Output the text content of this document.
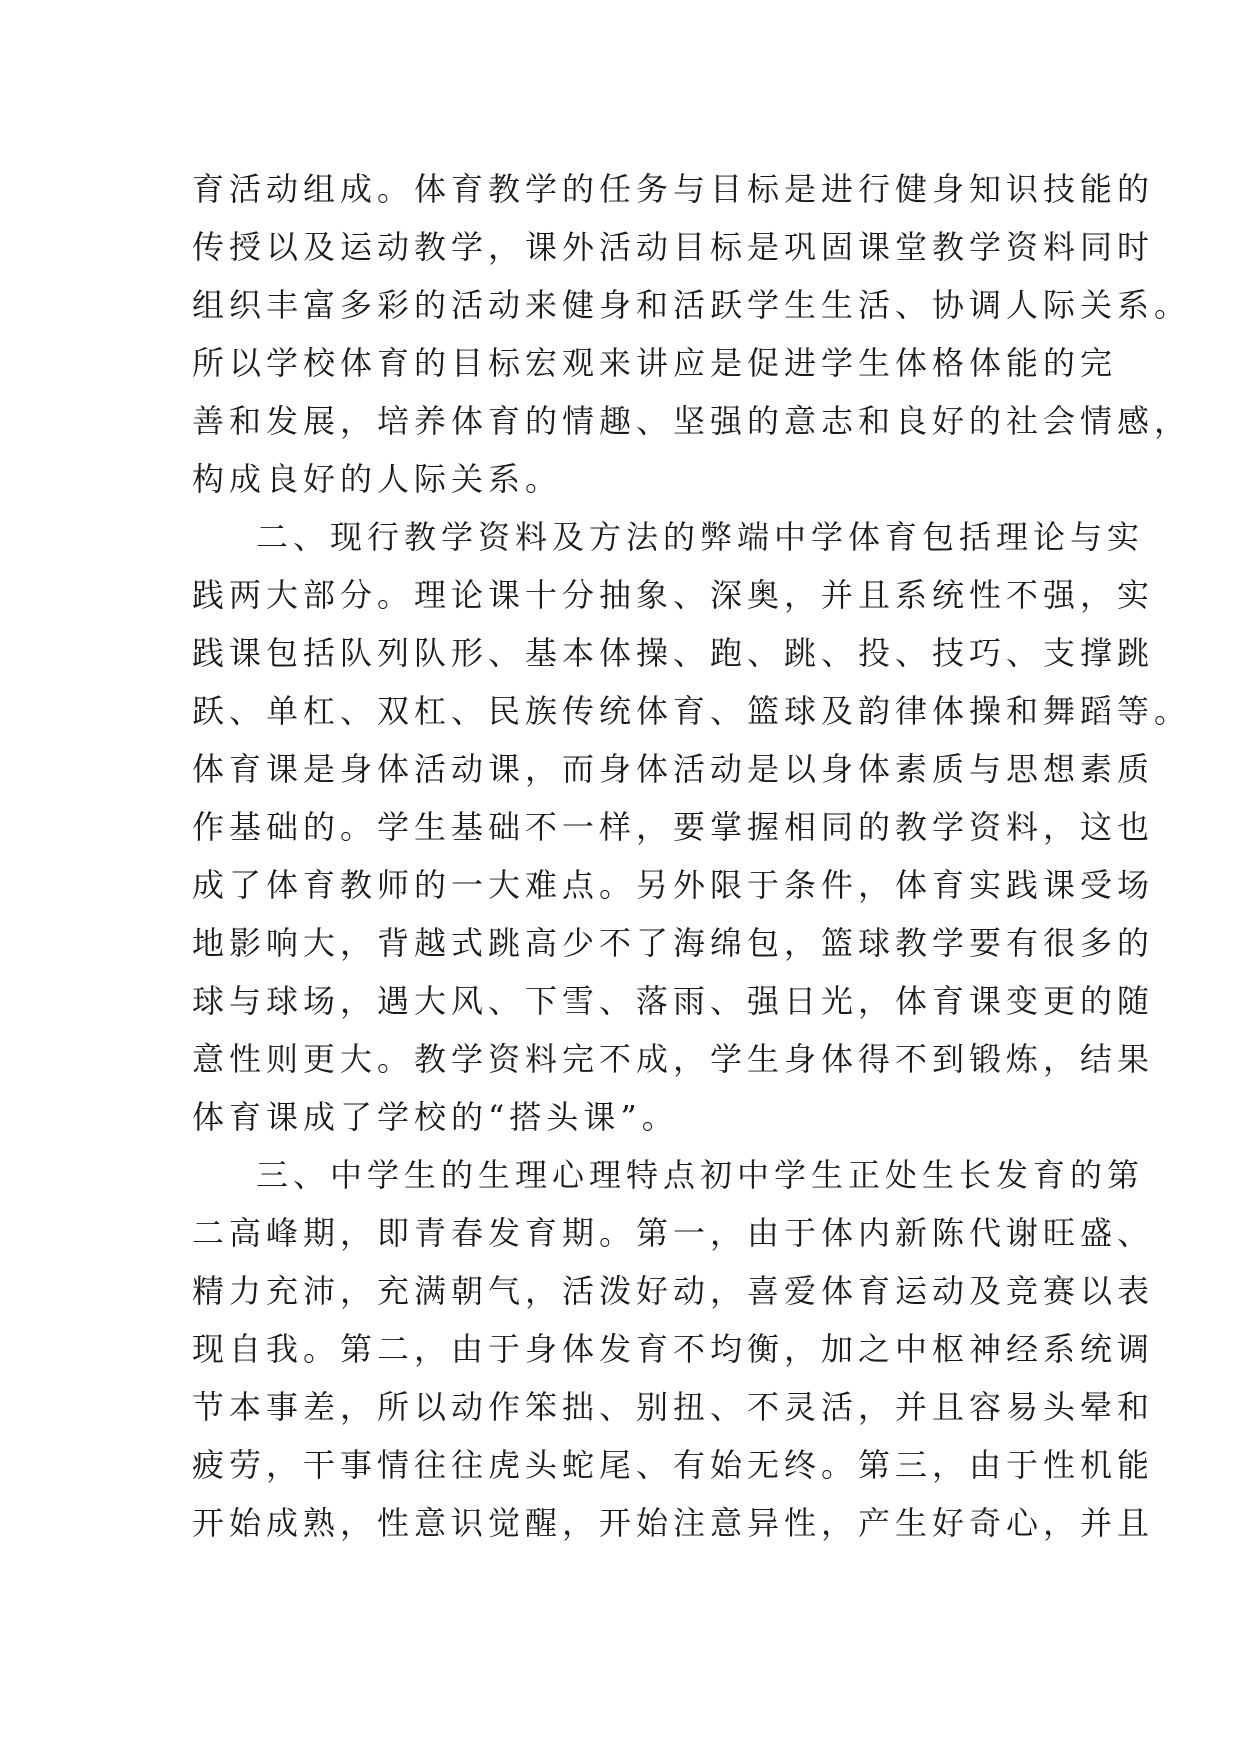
育活动组成。体育教学的任务与目标是进行健身知识技能的
传授以及运动教学，课外活动目标是巩固课堂教学资料同时
组织丰富多彩的活动来健身和活跃学生生活、协调人际关系。
所以学校体育的目标宏观来讲应是促进学生体格体能的完
善和发展，培养体育的情趣、坚强的意志和良好的社会情感，
构成良好的人际关系。
二、现行教学资料及方法的弊端中学体育包括理论与实
践两大部分。理论课十分抽象、深奥，并且系统性不强，实
践课包括队列队形、基本体操、跑、跳、投、技巧、支撑跳
跃、单杠、双杠、民族传统体育、篮球及韵律体操和舞蹈等。
体育课是身体活动课，而身体活动是以身体素质与思想素质
作基础的。学生基础不一样，要掌握相同的教学资料，这也
成了体育教师的一大难点。另外限于条件，体育实践课受场
地影响大，背越式跳高少不了海绵包，篮球教学要有很多的
球与球场，遇大风、下雪、落雨、强日光，体育课变更的随
意性则更大。教学资料完不成，学生身体得不到锻炼，结果
体育课成了学校的“搭头课”。
三、中学生的生理心理特点初中学生正处生长发育的第
二高峰期，即青春发育期。第一，由于体内新陈代谢旺盛、
精力充沛，充满朝气，活泼好动，喜爱体育运动及竞赛以表
现自我。第二，由于身体发育不均衡，加之中枢神经系统调
节本事差，所以动作笨拙、别扭、不灵活，并且容易头晕和
疲劳，干事情往往虎头蛇尾、有始无终。第三，由于性机能
开始成熟，性意识觉醒，开始注意异性，产生好奇心，并且
